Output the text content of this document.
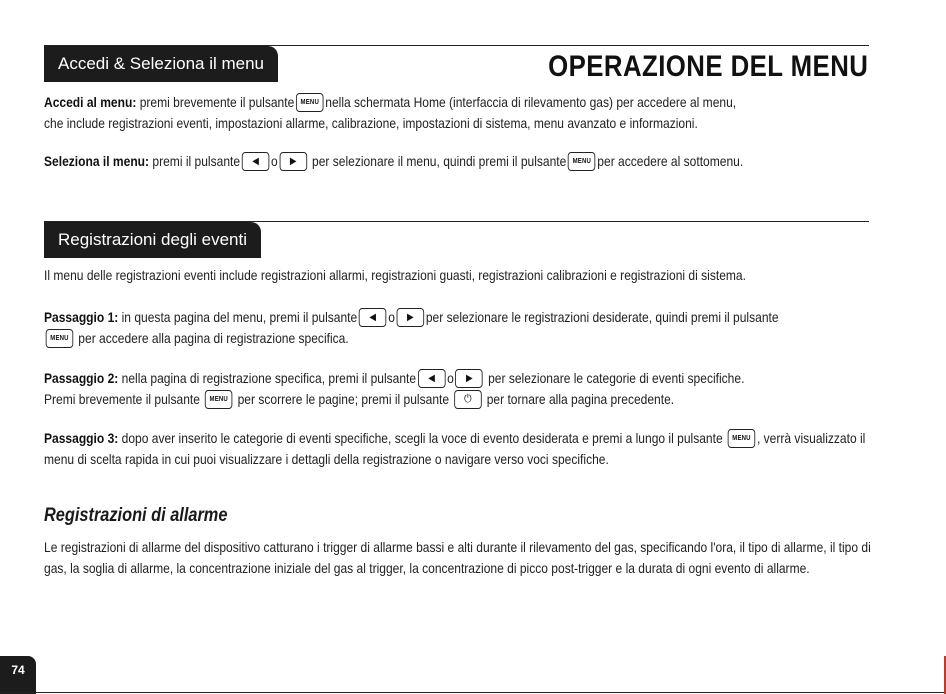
Accedi & Seleziona il menu	OPERAZIONE DEL MENU
Accedi al menu: premi brevemente il pulsante MENU nella schermata Home (interfaccia di rilevamento gas) per accedere al menu, che include registrazioni eventi, impostazioni allarme, calibrazione, impostazioni di sistema, menu avanzato e informazioni.
Seleziona il menu: premi il pulsante ◀ o ▶ per selezionare il menu, quindi premi il pulsante MENU per accedere al sottomenu.
Registrazioni degli eventi
Il menu delle registrazioni eventi include registrazioni allarmi, registrazioni guasti, registrazioni calibrazioni e registrazioni di sistema.
Passaggio 1: in questa pagina del menu, premi il pulsante ◀ o ▶ per selezionare le registrazioni desiderate, quindi premi il pulsante
MENU per accedere alla pagina di registrazione specifica.
Passaggio 2: nella pagina di registrazione specifica, premi il pulsante ◀ o ▶ per selezionare le categorie di eventi specifiche.
Premi brevemente il pulsante MENU per scorrere le pagine; premi il pulsante ⏻ per tornare alla pagina precedente.
Passaggio 3: dopo aver inserito le categorie di eventi specifiche, scegli la voce di evento desiderata e premi a lungo il pulsante MENU , verrà visualizzato il menu di scelta rapida in cui puoi visualizzare i dettagli della registrazione o navigare verso voci specifiche.
Registrazioni di allarme
Le registrazioni di allarme del dispositivo catturano i trigger di allarme bassi e alti durante il rilevamento del gas, specificando l'ora, il tipo di allarme, il tipo di gas, la soglia di allarme, la concentrazione iniziale del gas al trigger, la concentrazione di picco post-trigger e la durata di ogni evento di allarme.
74
